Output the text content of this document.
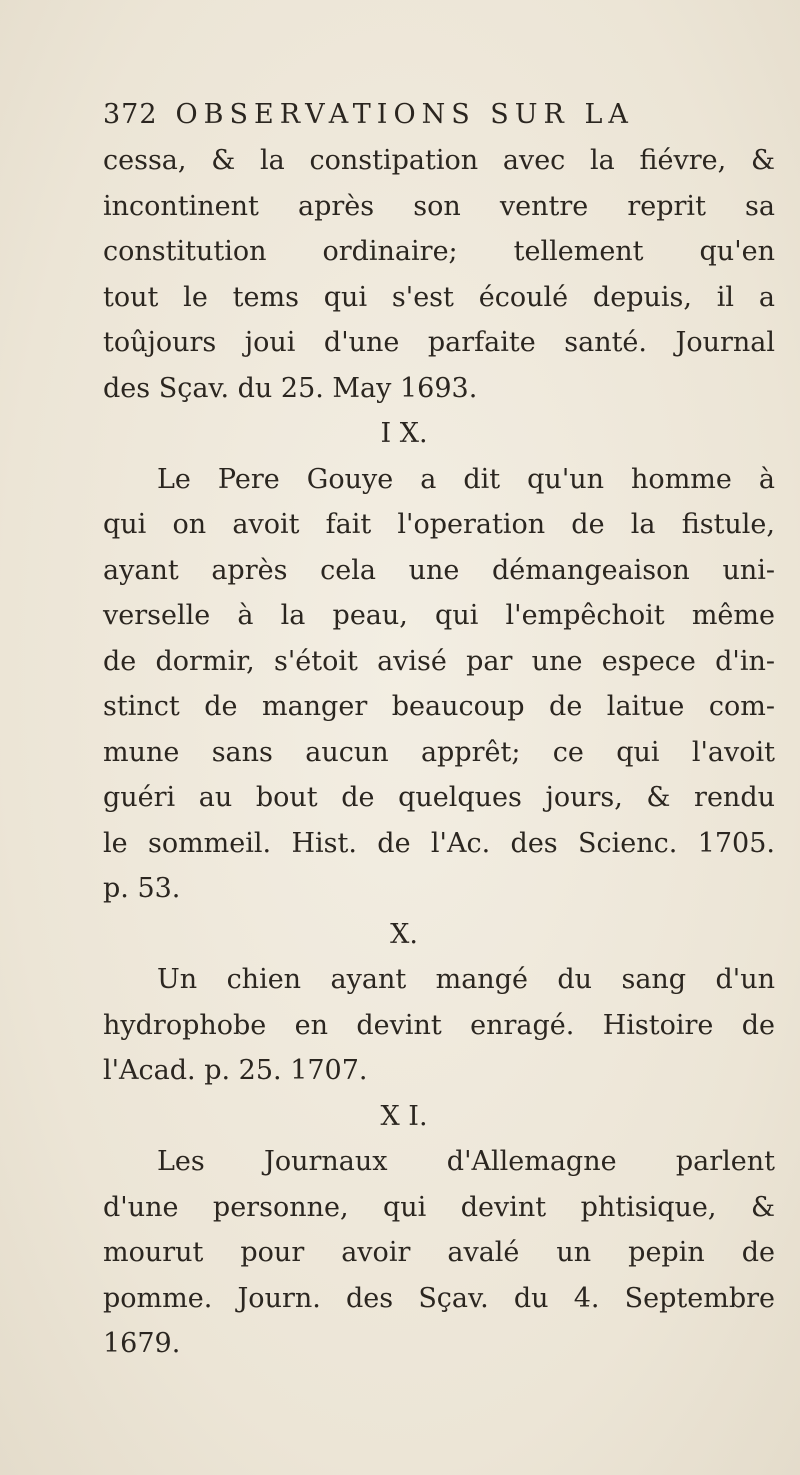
372 OBSERVATIONS SUR LA
cessa, & la constipation avec la fiévre, &
incontinent après son ventre reprit sa
constitution ordinaire; tellement qu'en
tout le tems qui s'est écoulé depuis, il a
toûjours joui d'une parfaite santé. Journal
des Sçav. du 25. May 1693.
I X.
Le Pere Gouye a dit qu'un homme à
qui on avoit fait l'operation de la fistule,
ayant après cela une démangeaison uni-
verselle à la peau, qui l'empêchoit même
de dormir, s'étoit avisé par une espece d'in-
stinct de manger beaucoup de laitue com-
mune sans aucun apprêt; ce qui l'avoit
guéri au bout de quelques jours, & rendu
le sommeil. Hist. de l'Ac. des Scienc. 1705.
p. 53.
X.
Un chien ayant mangé du sang d'un
hydrophobe en devint enragé. Histoire de
l'Acad. p. 25. 1707.
X I.
Les Journaux d'Allemagne parlent
d'une personne, qui devint phtisique, &
mourut pour avoir avalé un pepin de
pomme. Journ. des Sçav. du 4. Septembre
1679.
